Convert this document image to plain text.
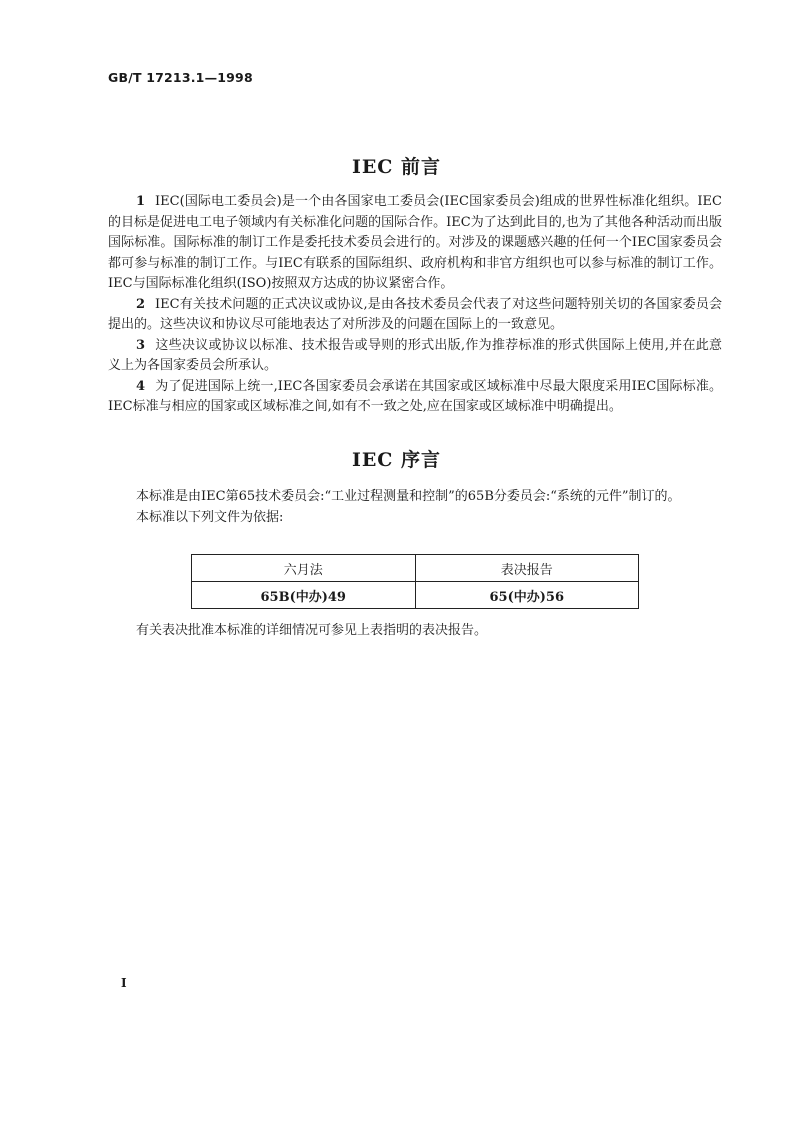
GB/T 17213.1—1998
IEC 前言

1 IEC(国际电工委员会)是一个由各国家电工委员会(IEC国家委员会)组成的世界性标准化组织。IEC的目标是促进电工电子领域内有关标准化问题的国际合作。IEC为了达到此目的,也为了其他各种活动而出版国际标准。国际标准的制订工作是委托技术委员会进行的。对涉及的课题感兴趣的任何一个IEC国家委员会都可参与标准的制订工作。与IEC有联系的国际组织、政府机构和非官方组织也可以参与标准的制订工作。IEC与国际标准化组织(ISO)按照双方达成的协议紧密合作。

2 IEC有关技术问题的正式决议或协议,是由各技术委员会代表了对这些问题特别关切的各国家委员会提出的。这些决议和协议尽可能地表达了对所涉及的问题在国际上的一致意见。

3 这些决议或协议以标准、技术报告或导则的形式出版,作为推荐标准的形式供国际上使用,并在此意义上为各国家委员会所承认。

4 为了促进国际上统一,IEC各国家委员会承诺在其国家或区域标准中尽最大限度采用IEC国际标准。IEC标准与相应的国家或区域标准之间,如有不一致之处,应在国家或区域标准中明确提出。

IEC 序言

本标准是由IEC第65技术委员会:“工业过程测量和控制”的65B分委员会:“系统的元件”制订的。

本标准以下列文件为依据:

六月法	表决报告
65B(中办)49	65(中办)56

有关表决批准本标准的详细情况可参见上表指明的表决报告。

I
